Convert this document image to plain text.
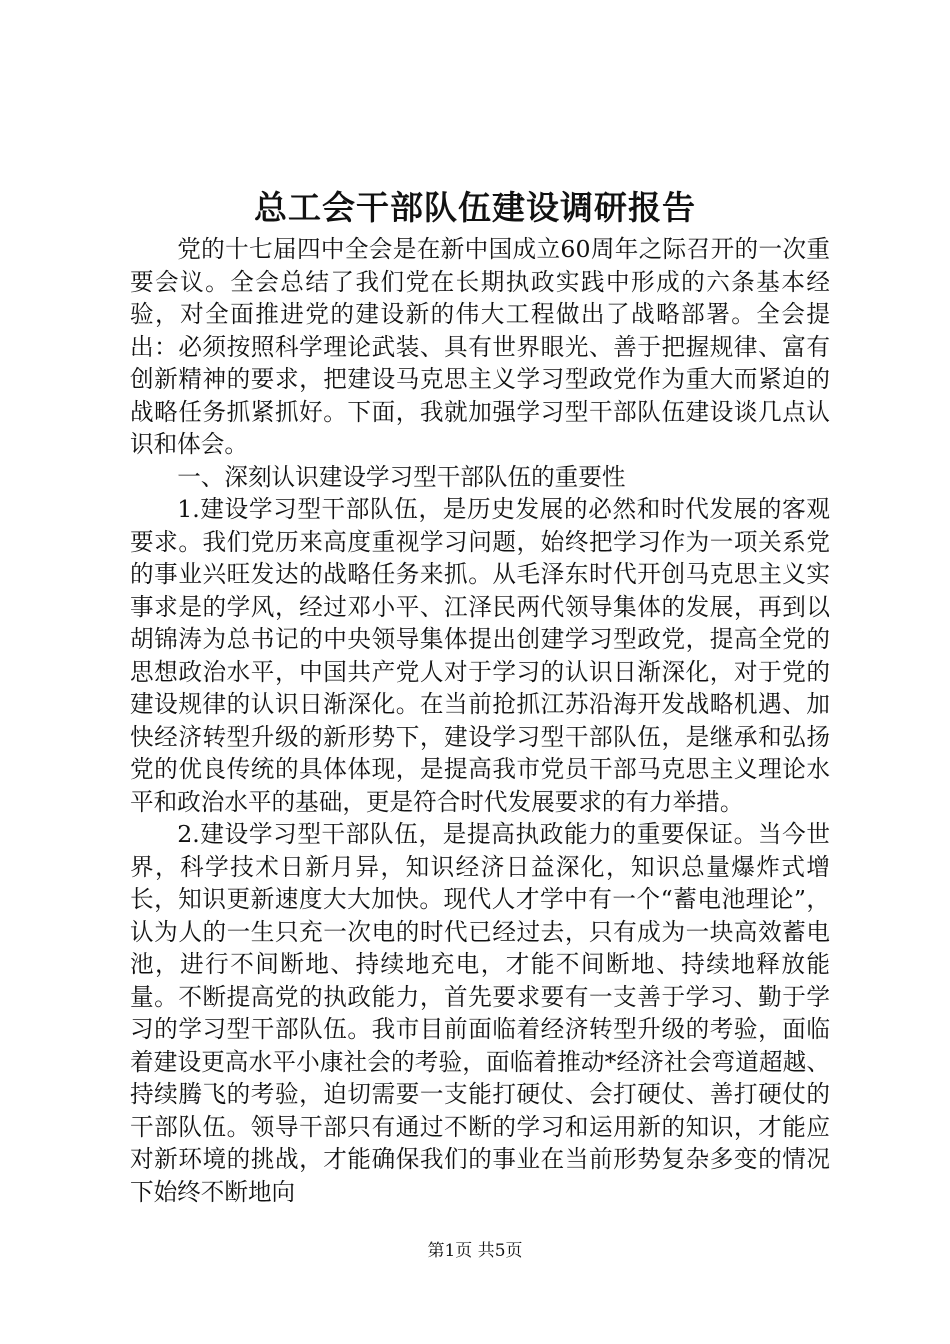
总工会干部队伍建设调研报告

党的十七届四中全会是在新中国成立60周年之际召开的一次重要会议。全会总结了我们党在长期执政实践中形成的六条基本经验，对全面推进党的建设新的伟大工程做出了战略部署。全会提出：必须按照科学理论武装、具有世界眼光、善于把握规律、富有创新精神的要求，把建设马克思主义学习型政党作为重大而紧迫的战略任务抓紧抓好。下面，我就加强学习型干部队伍建设谈几点认识和体会。

一、深刻认识建设学习型干部队伍的重要性

1.建设学习型干部队伍，是历史发展的必然和时代发展的客观要求。我们党历来高度重视学习问题，始终把学习作为一项关系党的事业兴旺发达的战略任务来抓。从毛泽东时代开创马克思主义实事求是的学风，经过邓小平、江泽民两代领导集体的发展，再到以胡锦涛为总书记的中央领导集体提出创建学习型政党，提高全党的思想政治水平，中国共产党人对于学习的认识日渐深化，对于党的建设规律的认识日渐深化。在当前抢抓江苏沿海开发战略机遇、加快经济转型升级的新形势下，建设学习型干部队伍，是继承和弘扬党的优良传统的具体体现，是提高我市党员干部马克思主义理论水平和政治水平的基础，更是符合时代发展要求的有力举措。

2.建设学习型干部队伍，是提高执政能力的重要保证。当今世界，科学技术日新月异，知识经济日益深化，知识总量爆炸式增长，知识更新速度大大加快。现代人才学中有一个“蓄电池理论”，认为人的一生只充一次电的时代已经过去，只有成为一块高效蓄电池，进行不间断地、持续地充电，才能不间断地、持续地释放能量。不断提高党的执政能力，首先要求要有一支善于学习、勤于学习的学习型干部队伍。我市目前面临着经济转型升级的考验，面临着建设更高水平小康社会的考验，面临着推动*经济社会弯道超越、持续腾飞的考验，迫切需要一支能打硬仗、会打硬仗、善打硬仗的干部队伍。领导干部只有通过不断的学习和运用新的知识，才能应对新环境的挑战，才能确保我们的事业在当前形势复杂多变的情况下始终不断地向

第1页 共5页
